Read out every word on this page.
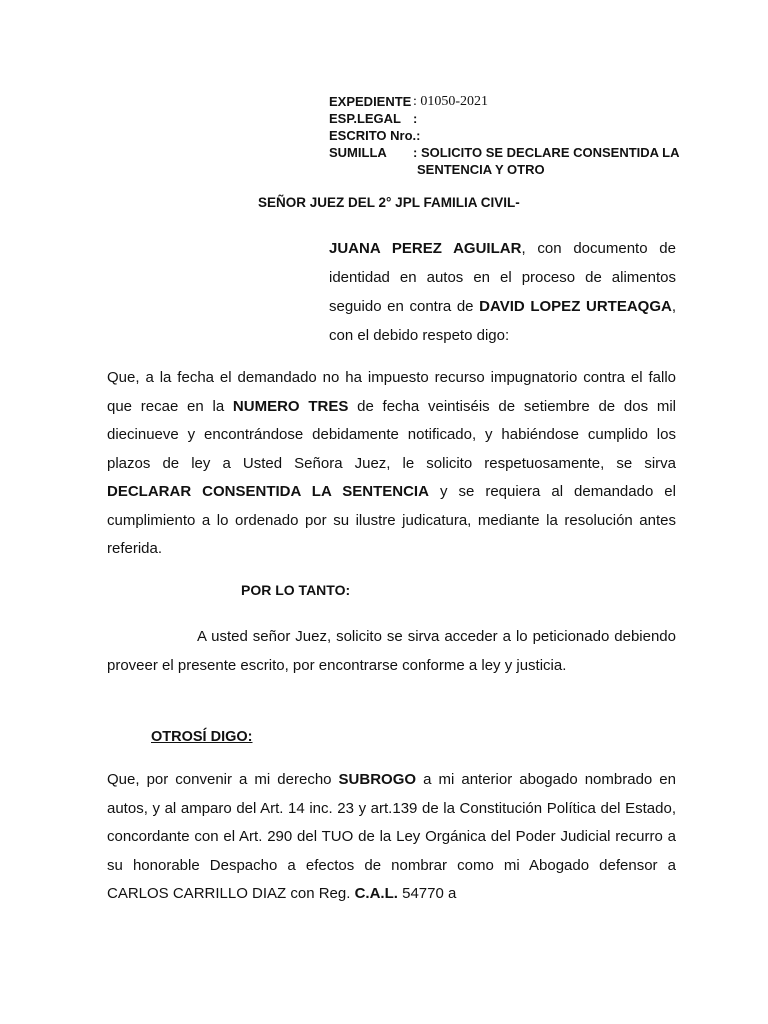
EXPEDIENTE : 01050-2021
ESP.LEGAL :
ESCRITO Nro.:
SUMILLA	: SOLICITO SE DECLARE CONSENTIDA LA
SENTENCIA Y OTRO
SEÑOR JUEZ DEL 2° JPL FAMILIA CIVIL-
JUANA PEREZ AGUILAR, con documento de identidad en autos en el proceso de alimentos seguido en contra de DAVID LOPEZ URTEAQGA, con el debido respeto digo:
Que, a la fecha el demandado no ha impuesto recurso impugnatorio contra el fallo que recae en la NUMERO TRES de fecha veintiséis de setiembre de dos mil diecinueve y encontrándose debidamente notificado, y habiéndose cumplido los plazos de ley a Usted Señora Juez, le solicito respetuosamente, se sirva DECLARAR CONSENTIDA LA SENTENCIA y se requiera al demandado el cumplimiento a lo ordenado por su ilustre judicatura, mediante la resolución antes referida.
POR LO TANTO:
A usted señor Juez, solicito se sirva acceder a lo peticionado debiendo proveer el presente escrito, por encontrarse conforme a ley y justicia.
OTROSÍ DIGO:
Que, por convenir a mi derecho SUBROGO a mi anterior abogado nombrado en autos, y al amparo del Art. 14 inc. 23 y art.139 de la Constitución Política del Estado, concordante con el Art. 290 del TUO de la Ley Orgánica del Poder Judicial recurro a su honorable Despacho a efectos de nombrar como mi Abogado defensor a CARLOS CARRILLO DIAZ con Reg. C.A.L. 54770 a
